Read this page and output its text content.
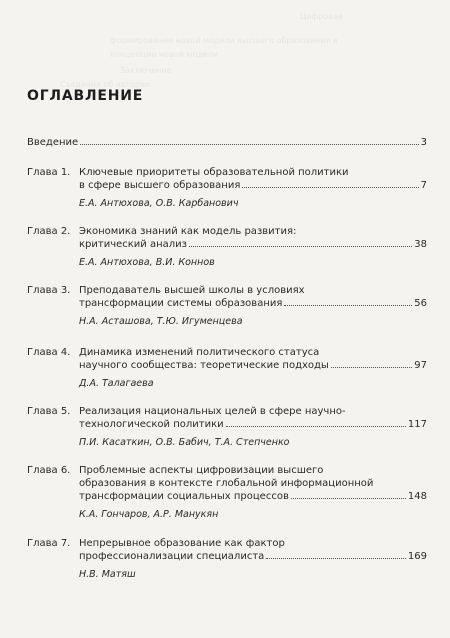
Цифровая
формирование новой модели высшего образования в
концепции новой модели
Заключение
Сведения об авторах
ОГЛАВЛЕНИЕ
Введение	3
Глава 1. Ключевые приоритеты образовательной политики
в сфере высшего образования	7
Е.А. Антюхова, О.В. Карбанович
Глава 2. Экономика знаний как модель развития:
критический анализ	38
Е.А. Антюхова, В.И. Коннов
Глава 3. Преподаватель высшей школы в условиях
трансформации системы образования	56
Н.А. Асташова, Т.Ю. Игуменцева
Глава 4. Динамика изменений политического статуса
научного сообщества: теоретические подходы	97
Д.А. Талагаева
Глава 5. Реализация национальных целей в сфере научно-
технологической политики	117
П.И. Касаткин, О.В. Бабич, Т.А. Степченко
Глава 6. Проблемные аспекты цифровизации высшего
образования в контексте глобальной информационной
трансформации социальных процессов	148
К.А. Гончаров, А.Р. Манукян
Глава 7. Непрерывное образование как фактор
профессионализации специалиста	169
Н.В. Матяш
